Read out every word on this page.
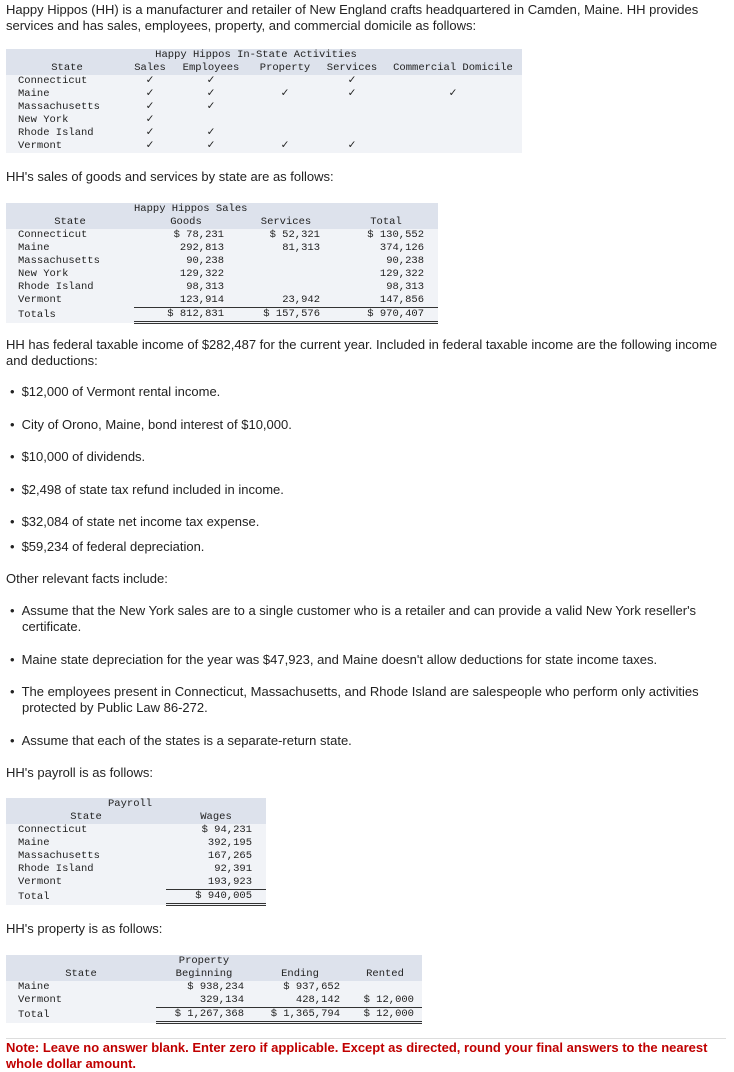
Happy Hippos (HH) is a manufacturer and retailer of New England crafts headquartered in Camden, Maine. HH provides services and has sales, employees, property, and commercial domicile as follows:

	Happy Hippos In-State Activities				
State	Sales	Employees	Property	Services	Commercial Domicile
Connecticut	✓	✓		✓	
Maine	✓	✓	✓	✓	✓
Massachusetts	✓	✓			
New York	✓				
Rhode Island	✓	✓			
Vermont	✓	✓	✓	✓	

HH's sales of goods and services by state are as follows:

	Happy Hippos Sales		
State	Goods	Services	Total
Connecticut	$ 78,231	$ 52,321	$ 130,552
Maine	292,813	81,313	374,126
Massachusetts	90,238		90,238
New York	129,322		129,322
Rhode Island	98,313		98,313
Vermont	123,914	23,942	147,856
Totals	$ 812,831	$ 157,576	$ 970,407

HH has federal taxable income of $282,487 for the current year. Included in federal taxable income are the following income and deductions:

• $12,000 of Vermont rental income.
• City of Orono, Maine, bond interest of $10,000.
• $10,000 of dividends.
• $2,498 of state tax refund included in income.
• $32,084 of state net income tax expense.
• $59,234 of federal depreciation.

Other relevant facts include:

• Assume that the New York sales are to a single customer who is a retailer and can provide a valid New York reseller's certificate.
• Maine state depreciation for the year was $47,923, and Maine doesn't allow deductions for state income taxes.
• The employees present in Connecticut, Massachusetts, and Rhode Island are salespeople who perform only activities protected by Public Law 86-272.
• Assume that each of the states is a separate-return state.

HH's payroll is as follows:

Payroll	
State	Wages
Connecticut	$ 94,231
Maine	392,195
Massachusetts	167,265
Rhode Island	92,391
Vermont	193,923
Total	$ 940,005

HH's property is as follows:

	Property		
State	Beginning	Ending	Rented
Maine	$ 938,234	$ 937,652	
Vermont	329,134	428,142	$ 12,000
Total	$ 1,267,368	$ 1,365,794	$ 12,000
Note: Leave no answer blank. Enter zero if applicable. Except as directed, round your final answers to the nearest whole dollar amount.
